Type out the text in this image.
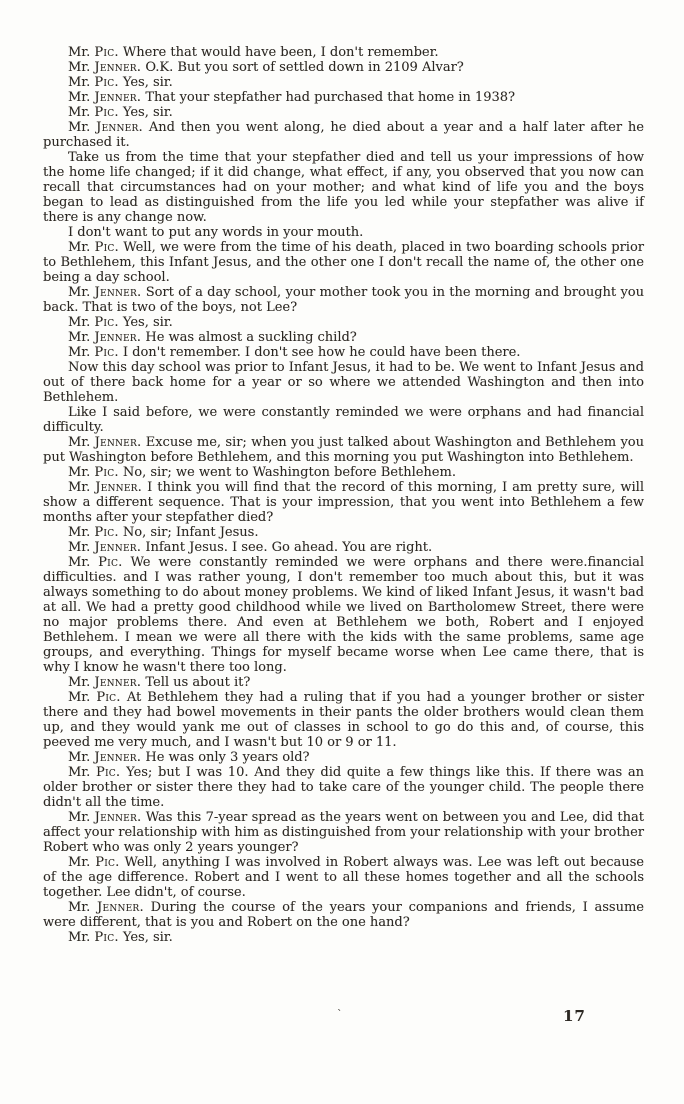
Mr. Pic. Where that would have been, I don't remember.

Mr. Jenner. O.K. But you sort of settled down in 2109 Alvar?

Mr. Pic. Yes, sir.

Mr. Jenner. That your stepfather had purchased that home in 1938?

Mr. Pic. Yes, sir.

Mr. Jenner. And then you went along, he died about a year and a half later after he purchased it.

Take us from the time that your stepfather died and tell us your impressions of how the home life changed; if it did change, what effect, if any, you observed that you now can recall that circumstances had on your mother; and what kind of life you and the boys began to lead as distinguished from the life you led while your stepfather was alive if there is any change now.

I don't want to put any words in your mouth.

Mr. Pic. Well, we were from the time of his death, placed in two boarding schools prior to Bethlehem, this Infant Jesus, and the other one I don't recall the name of, the other one being a day school.

Mr. Jenner. Sort of a day school, your mother took you in the morning and brought you back. That is two of the boys, not Lee?

Mr. Pic. Yes, sir.

Mr. Jenner. He was almost a suckling child?

Mr. Pic. I don't remember. I don't see how he could have been there.

Now this day school was prior to Infant Jesus, it had to be. We went to Infant Jesus and out of there back home for a year or so where we attended Washington and then into Bethlehem.

Like I said before, we were constantly reminded we were orphans and had financial difficulty.

Mr. Jenner. Excuse me, sir; when you just talked about Washington and Bethlehem you put Washington before Bethlehem, and this morning you put Washington into Bethlehem.

Mr. Pic. No, sir; we went to Washington before Bethlehem.

Mr. Jenner. I think you will find that the record of this morning, I am pretty sure, will show a different sequence. That is your impression, that you went into Bethlehem a few months after your stepfather died?

Mr. Pic. No, sir; Infant Jesus.

Mr. Jenner. Infant Jesus. I see. Go ahead. You are right.

Mr. Pic. We were constantly reminded we were orphans and there were.financial difficulties. and I was rather young, I don't remember too much about this, but it was always something to do about money problems. We kind of liked Infant Jesus, it wasn't bad at all. We had a pretty good childhood while we lived on Bartholomew Street, there were no major problems there. And even at Bethlehem we both, Robert and I enjoyed Bethlehem. I mean we were all there with the kids with the same problems, same age groups, and everything. Things for myself became worse when Lee came there, that is why I know he wasn't there too long.

Mr. Jenner. Tell us about it?

Mr. Pic. At Bethlehem they had a ruling that if you had a younger brother or sister there and they had bowel movements in their pants the older brothers would clean them up, and they would yank me out of classes in school to go do this and, of course, this peeved me very much, and I wasn't but 10 or 9 or 11.

Mr. Jenner. He was only 3 years old?

Mr. Pic. Yes; but I was 10. And they did quite a few things like this. If there was an older brother or sister there they had to take care of the younger child. The people there didn't all the time.

Mr. Jenner. Was this 7-year spread as the years went on between you and Lee, did that affect your relationship with him as distinguished from your relationship with your brother Robert who was only 2 years younger?

Mr. Pic. Well, anything I was involved in Robert always was. Lee was left out because of the age difference. Robert and I went to all these homes together and all the schools together. Lee didn't, of course.

Mr. Jenner. During the course of the years your companions and friends, I assume were different, that is you and Robert on the one hand?

Mr. Pic. Yes, sir.

`	17
